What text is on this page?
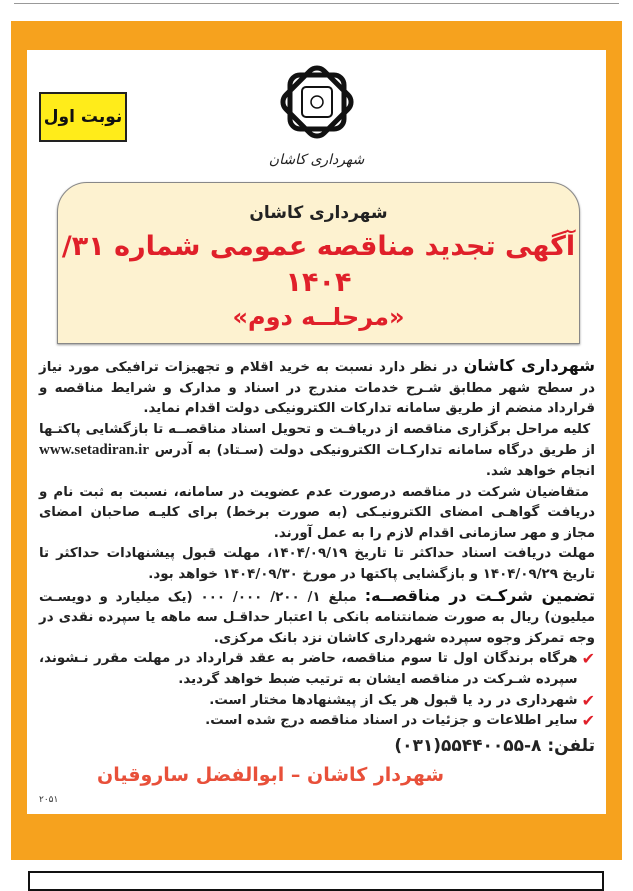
نوبت اول
شهرداری کاشان
شهرداری کاشان
آگهی تجدید مناقصه عمومی شماره ۳۱/ ۱۴۰۴
«مرحلــه دوم»

شهرداری کاشان در نظر دارد نسبت به خرید اقلام و تجهیزات ترافیکی مورد نیاز در سطح شهر مطابق شـرح خدمات مندرج در اسناد و مدارک و شرایط مناقصه و قرارداد منضم از طریق سامانه تدارکات الکترونیکی دولت اقدام نماید.

کلیه مراحل برگزاری مناقصه از دریافـت و تحویل اسناد مناقصــه تا بازگشایی پاکتـها از طریق درگاه سامانه تداركـات الكترونيكى دولت (سـتاد) به آدرس www.setadiran.ir انجام خواهد شد.

متقاضیان شرکت در مناقصه درصورت عدم عضویت در سامانه، نسبت به ثبت نام و دریافت گواهـی امضای الکترونیـکی (به صورت برخط) برای کلیـه صاحبان امضای مجاز و مهر سازمانی اقدام لازم را به عمل آورند.

مهلت دریافت اسناد حداکثر تا تاریخ ۱۴۰۴/۰۹/۱۹، مهلت قبول پیشنهادات حداکثر تا تاریخ ۱۴۰۴/۰۹/۲۹ و بازگشایی پاکتها در مورخ ۱۴۰۴/۰۹/۳۰ خواهد بود.

تضمین شرکـت در مناقصــه: مبلغ ۱/ ۲۰۰/ ۰۰۰/ ۰۰۰ (یک میلیارد و دویسـت میلیون) ریال به صورت ضمانتنامه بانکی با اعتبار حداقـل سه ماهه یا سپرده نقدی در وجه تمرکز وجوه سپرده شهرداری کاشان نزد بانک مرکزی.

✔
هرگاه برندگان اول تا سوم مناقصه، حاضر به عقد قرارداد در مهلت مقرر نـشوند، سپرده شـرکت در مناقصه ایشان به ترتیب ضبط خواهد گردید.
✔
شهرداری در رد یا قبول هر یک از پیشنهادها مختار است.
✔
سایر اطلاعات و جزئیات در اسناد مناقصه درج شده است.
تلفن: (۰۳۱)۵۵۴۴۰۰۵۵-۸
شهردار کاشان – ابوالفضل ساروقیان
۲۰۵۱
